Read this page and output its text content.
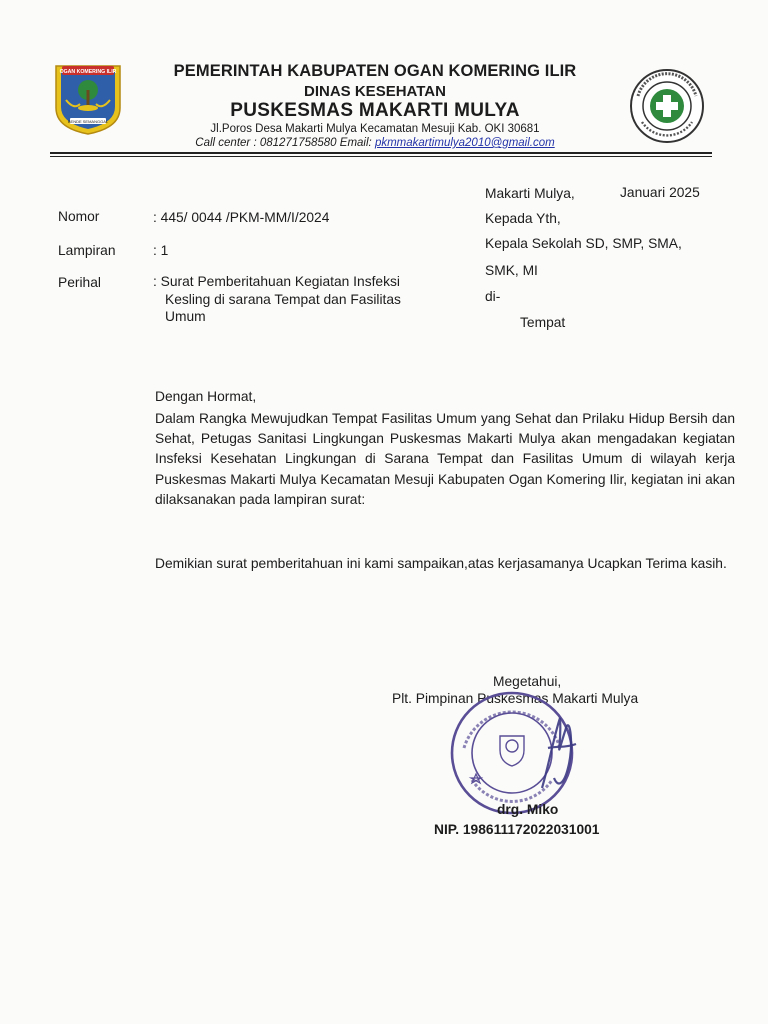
OGAN KOMERING ILIR
BENDE SEMANGGAL
PEMERINTAH KABUPATEN OGAN KOMERING ILIR
DINAS KESEHATAN
PUSKESMAS MAKARTI MULYA
Jl.Poros Desa Makarti Mulya Kecamatan Mesuji Kab. OKI 30681
Call center : 081271758580 Email: pkmmakartimulya2010@gmail.com
Nomor	: 445/ 0044 /PKM-MM/I/2024
Lampiran	: 1
Perihal	: Surat Pemberitahuan Kegiatan Insfeksi
Kesling di sarana Tempat dan Fasilitas
Umum
Makarti Mulya,	Januari 2025
Kepada Yth,
Kepala Sekolah SD, SMP, SMA,
SMK, MI
di-
Tempat
Dengan Hormat,
Dalam Rangka Mewujudkan Tempat Fasilitas Umum yang Sehat dan Prilaku Hidup Bersih dan Sehat, Petugas Sanitasi Lingkungan Puskesmas Makarti Mulya akan mengadakan kegiatan Insfeksi Kesehatan Lingkungan di Sarana Tempat dan Fasilitas Umum di wilayah kerja Puskesmas Makarti Mulya Kecamatan Mesuji Kabupaten Ogan Komering Ilir, kegiatan ini akan dilaksanakan pada lampiran surat:
Demikian surat pemberitahuan ini kami sampaikan,atas kerjasamanya Ucapkan Terima kasih.
Megetahui,
Plt. Pimpinan Puskesmas Makarti Mulya
drg. Miko
NIP. 198611172022031001
